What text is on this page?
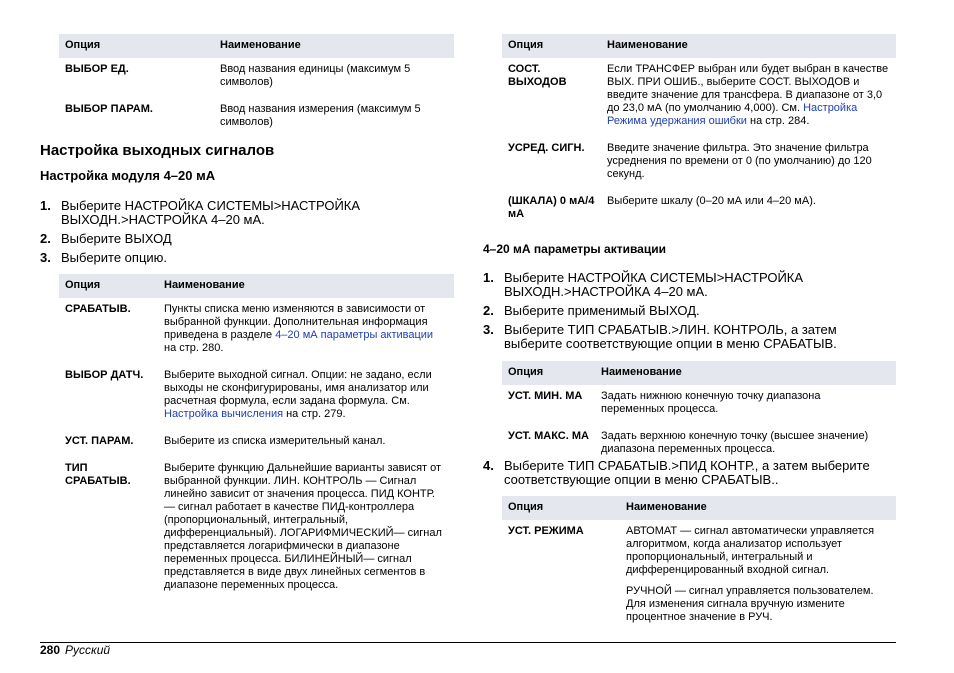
Опция	Наименование
ВЫБОР ЕД.	Ввод названия единицы (максимум 5 символов)
ВЫБОР ПАРАМ.	Ввод названия измерения (максимум 5 символов)
Настройка выходных сигналов
Настройка модуля 4–20 мА
1. Выберите НАСТРОЙКА СИСТЕМЫ>НАСТРОЙКА ВЫХОДН.>НАСТРОЙКА 4–20 мА.
2. Выберите ВЫХОД
3. Выберите опцию.
Опция	Наименование
СРАБАТЫВ.	Пункты списка меню изменяются в зависимости от выбранной функции. Дополнительная информация приведена в разделе 4–20 мА параметры активации на стр. 280.
ВЫБОР ДАТЧ.	Выберите выходной сигнал. Опции: не задано, если выходы не сконфигурированы, имя анализатор или расчетная формула, если задана формула. См. Настройка вычисления на стр. 279.
УСТ. ПАРАМ.	Выберите из списка измерительный канал.
ТИП СРАБАТЫВ.	Выберите функцию Дальнейшие варианты зависят от выбранной функции. ЛИН. КОНТРОЛЬ — Сигнал линейно зависит от значения процесса. ПИД КОНТР. — сигнал работает в качестве ПИД-контроллера (пропорциональный, интегральный, дифференциальный). ЛОГАРИФМИЧЕСКИЙ— сигнал представляется логарифмически в диапазоне переменных процесса. БИЛИНЕЙНЫЙ— сигнал представляется в виде двух линейных сегментов в диапазоне переменных процесса.
Опция	Наименование
СОСТ. ВЫХОДОВ	Если ТРАНСФЕР выбран или будет выбран в качестве ВЫХ. ПРИ ОШИБ., выберите СОСТ. ВЫХОДОВ и введите значение для трансфера. В диапазоне от 3,0 до 23,0 мА (по умолчанию 4,000). См. Настройка Режима удержания ошибки на стр. 284.
УСРЕД. СИГН.	Введите значение фильтра. Это значение фильтра усреднения по времени от 0 (по умолчанию) до 120 секунд.
(ШКАЛА) 0 мА/4 мА	Выберите шкалу (0–20 мА или 4–20 мА).
4–20 мА параметры активации
1. Выберите НАСТРОЙКА СИСТЕМЫ>НАСТРОЙКА ВЫХОДН.>НАСТРОЙКА 4–20 мА.
2. Выберите применимый ВЫХОД.
3. Выберите ТИП СРАБАТЫВ.>ЛИН. КОНТРОЛЬ, а затем выберите соответствующие опции в меню СРАБАТЫВ.
Опция	Наименование
УСТ. МИН. МА	Задать нижнюю конечную точку диапазона переменных процесса.
УСТ. МАКС. МА	Задать верхнюю конечную точку (высшее значение) диапазона переменных процесса.
4. Выберите ТИП СРАБАТЫВ.>ПИД КОНТР., а затем выберите соответствующие опции в меню СРАБАТЫВ..
Опция	Наименование
УСТ. РЕЖИМА	АВТОМАТ — сигнал автоматически управляется алгоритмом, когда анализатор использует пропорциональный, интегральный и дифференцированный входной сигнал.
РУЧНОЙ — сигнал управляется пользователем. Для изменения сигнала вручную измените процентное значение в РУЧ.
280 Русский
